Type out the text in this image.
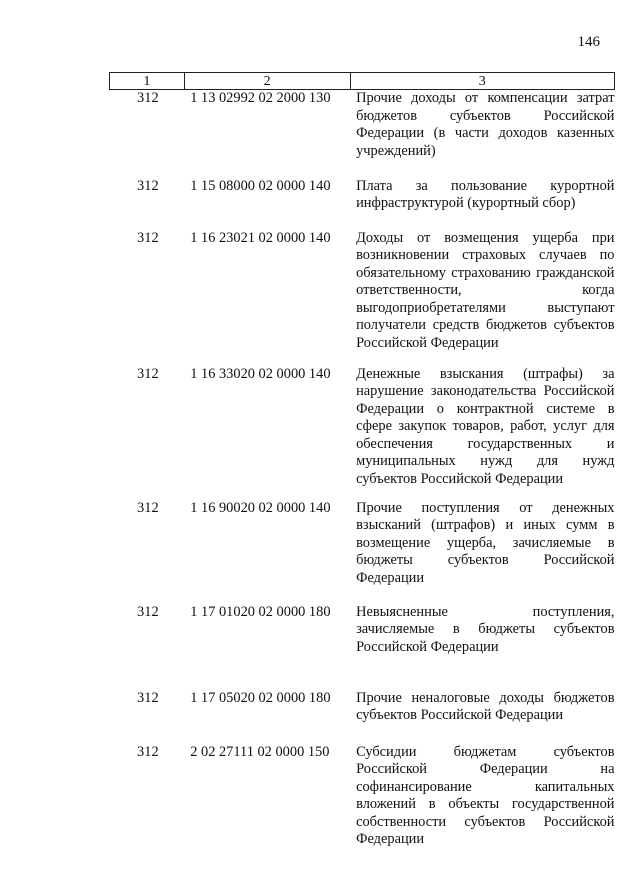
146
1	2	3
312	1 13 02992 02 2000 130	Прочие доходы от компенсации затрат бюджетов субъектов Российской Федерации (в части доходов казенных учреждений)
312	1 15 08000 02 0000 140	Плата за пользование курортной инфраструктурой (курортный сбор)
312	1 16 23021 02 0000 140	Доходы от возмещения ущерба при возникновении страховых случаев по обязательному страхованию гражданской ответственности, когда выгодоприобретателями выступают получатели средств бюджетов субъектов Российской Федерации
312	1 16 33020 02 0000 140	Денежные взыскания (штрафы) за нарушение законодательства Российской Федерации о контрактной системе в сфере закупок товаров, работ, услуг для обеспечения государственных и муниципальных нужд для нужд субъектов Российской Федерации
312	1 16 90020 02 0000 140	Прочие поступления от денежных взысканий (штрафов) и иных сумм в возмещение ущерба, зачисляемые в бюджеты субъектов Российской Федерации
312	1 17 01020 02 0000 180	Невыясненные поступления, зачисляемые в бюджеты субъектов Российской Федерации
312	1 17 05020 02 0000 180	Прочие неналоговые доходы бюджетов субъектов Российской Федерации
312	2 02 27111 02 0000 150	Субсидии бюджетам субъектов Российской Федерации на софинансирование капитальных вложений в объекты государственной собственности субъектов Российской Федерации
